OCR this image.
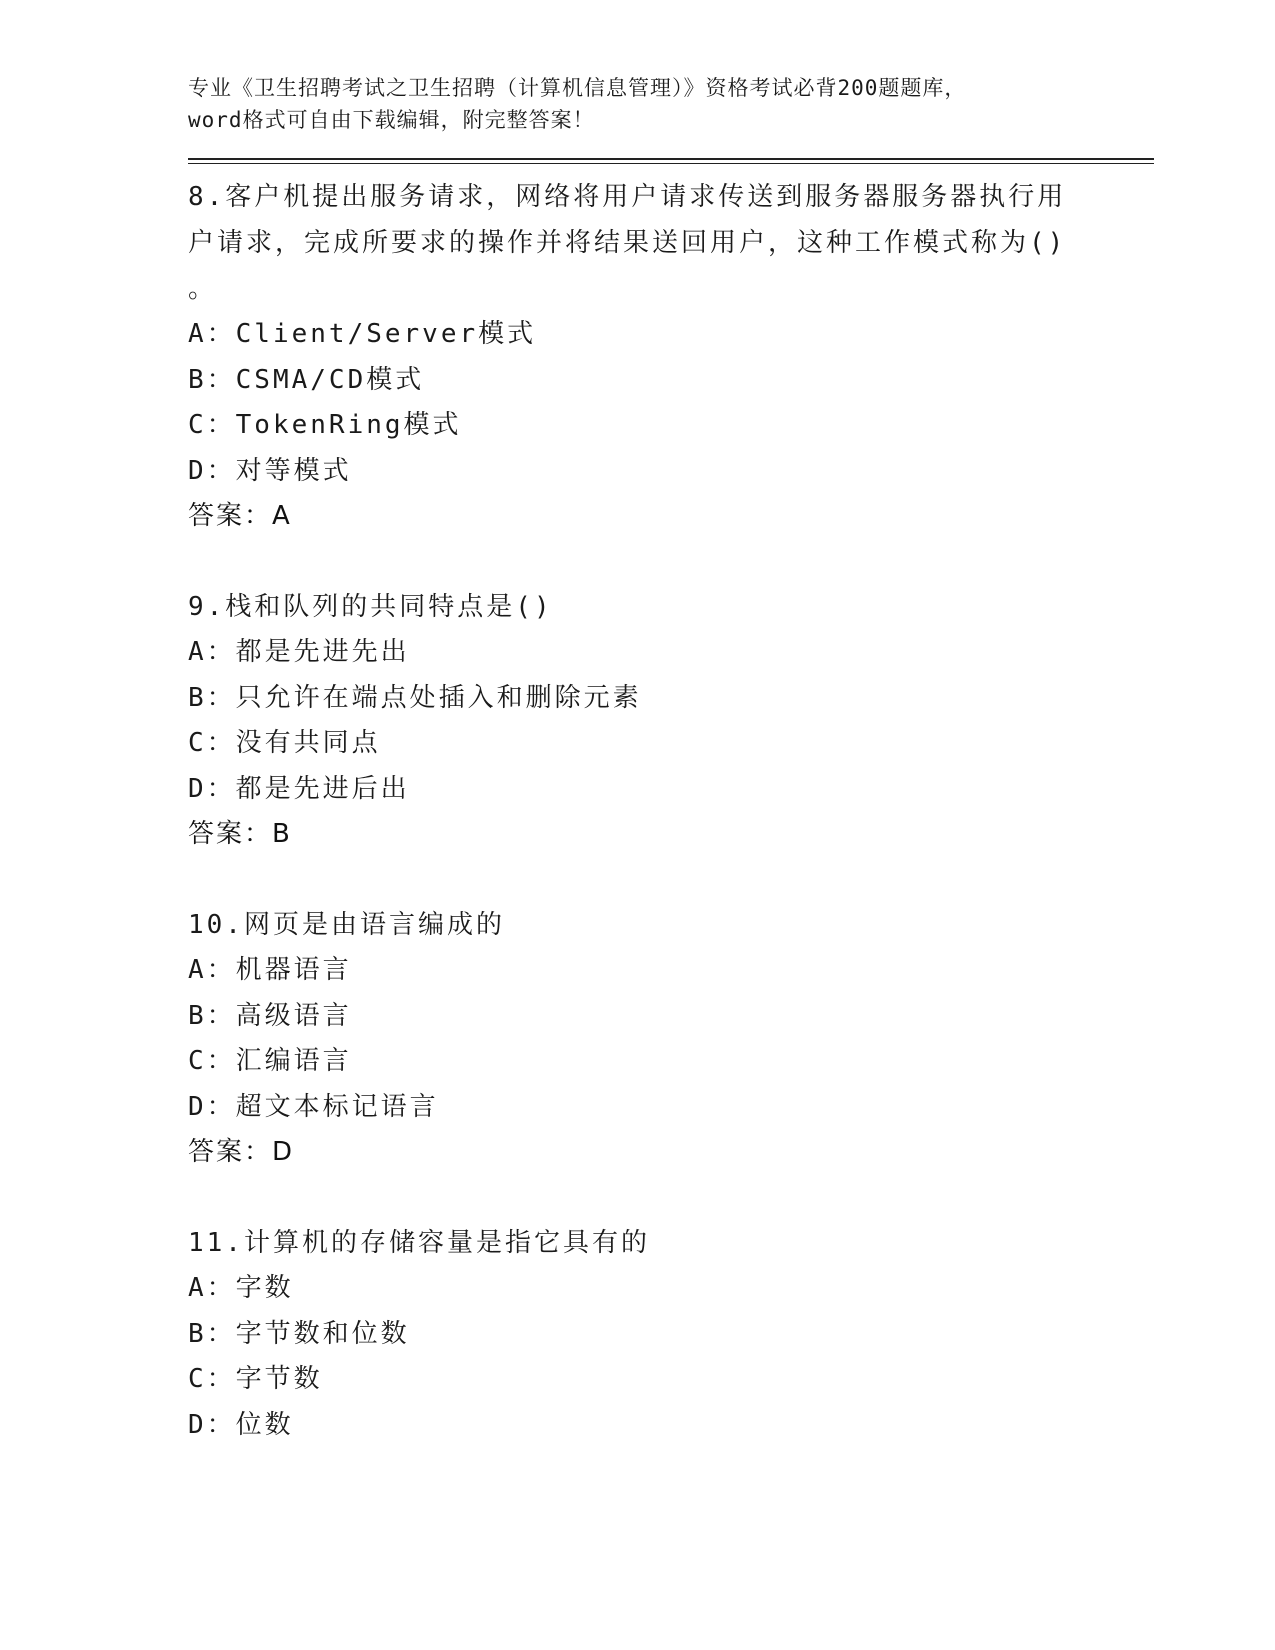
专业《卫生招聘考试之卫生招聘（计算机信息管理）》资格考试必背200题题库，
word格式可自由下载编辑，附完整答案！
8.客户机提出服务请求，网络将用户请求传送到服务器服务器执行用
户请求，完成所要求的操作并将结果送回用户，这种工作模式称为()
。
A：Client/Server模式
B：CSMA/CD模式
C：TokenRing模式
D：对等模式
答案：A
9.栈和队列的共同特点是()
A：都是先进先出
B：只允许在端点处插入和删除元素
C：没有共同点
D：都是先进后出
答案：B
10.网页是由语言编成的
A：机器语言
B：高级语言
C：汇编语言
D：超文本标记语言
答案：D
11.计算机的存储容量是指它具有的
A：字数
B：字节数和位数
C：字节数
D：位数
